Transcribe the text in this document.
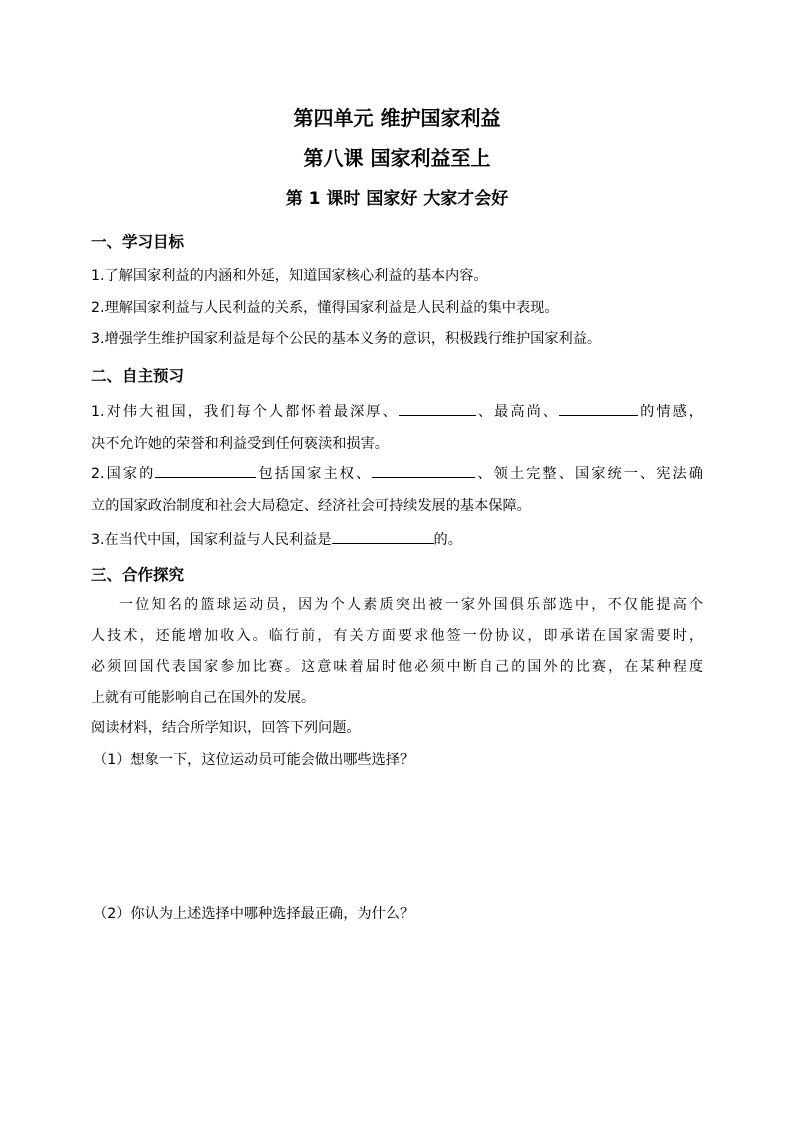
第四单元 维护国家利益
第八课 国家利益至上
第 1 课时 国家好 大家才会好
一、学习目标
1.了解国家利益的内涵和外延，知道国家核心利益的基本内容。
2.理解国家利益与人民利益的关系，懂得国家利益是人民利益的集中表现。
3.增强学生维护国家利益是每个公民的基本义务的意识，积极践行维护国家利益。
二、自主预习
1.对伟大祖国，我们每个人都怀着最深厚、	、最高尚、	的情感，
决不允许她的荣誉和利益受到任何亵渎和损害。
2.国家的	包括国家主权、	、领土完整、国家统一、宪法确
立的国家政治制度和社会大局稳定、经济社会可持续发展的基本保障。
3.在当代中国，国家利益与人民利益是	的。
三、合作探究
一位知名的篮球运动员，因为个人素质突出被一家外国俱乐部选中，不仅能提高个
人技术，还能增加收入。临行前，有关方面要求他签一份协议，即承诺在国家需要时，
必须回国代表国家参加比赛。这意味着届时他必须中断自己的国外的比赛，在某种程度
上就有可能影响自己在国外的发展。
阅读材料，结合所学知识，回答下列问题。
（1）想象一下，这位运动员可能会做出哪些选择？
（2）你认为上述选择中哪种选择最正确，为什么？
